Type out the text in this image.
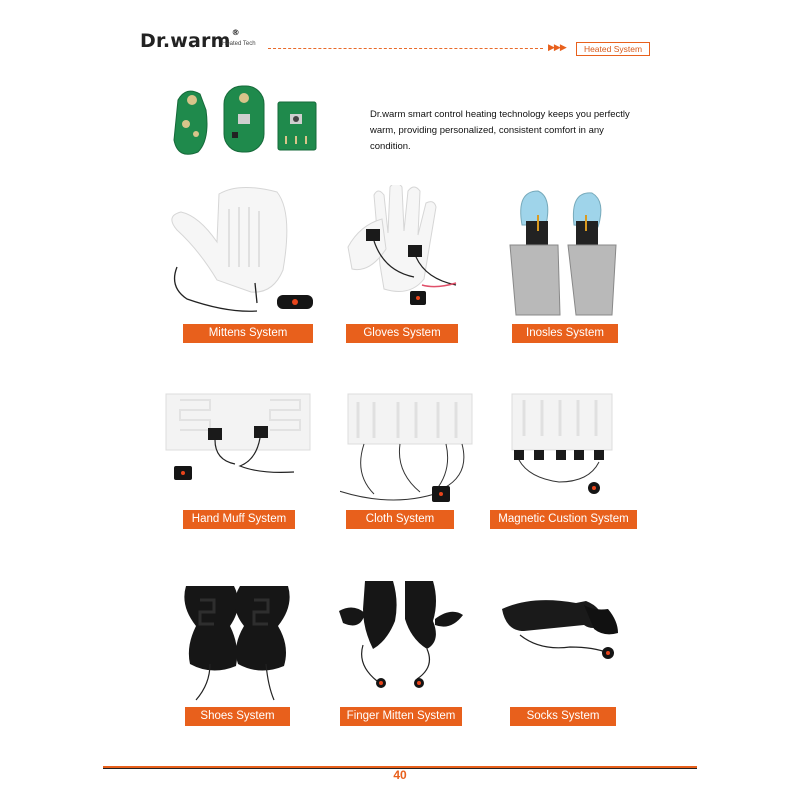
Dr.warm®
Heated Tech	▶▶▶	Heated System
Dr.warm smart control heating technology keeps you perfectly warm, providing personalized, consistent comfort in any condition.
Mittens System	Gloves System	Inosles System
Hand Muff System	Cloth System	Magnetic Custion System
Shoes System	Finger Mitten System	Socks System
40
